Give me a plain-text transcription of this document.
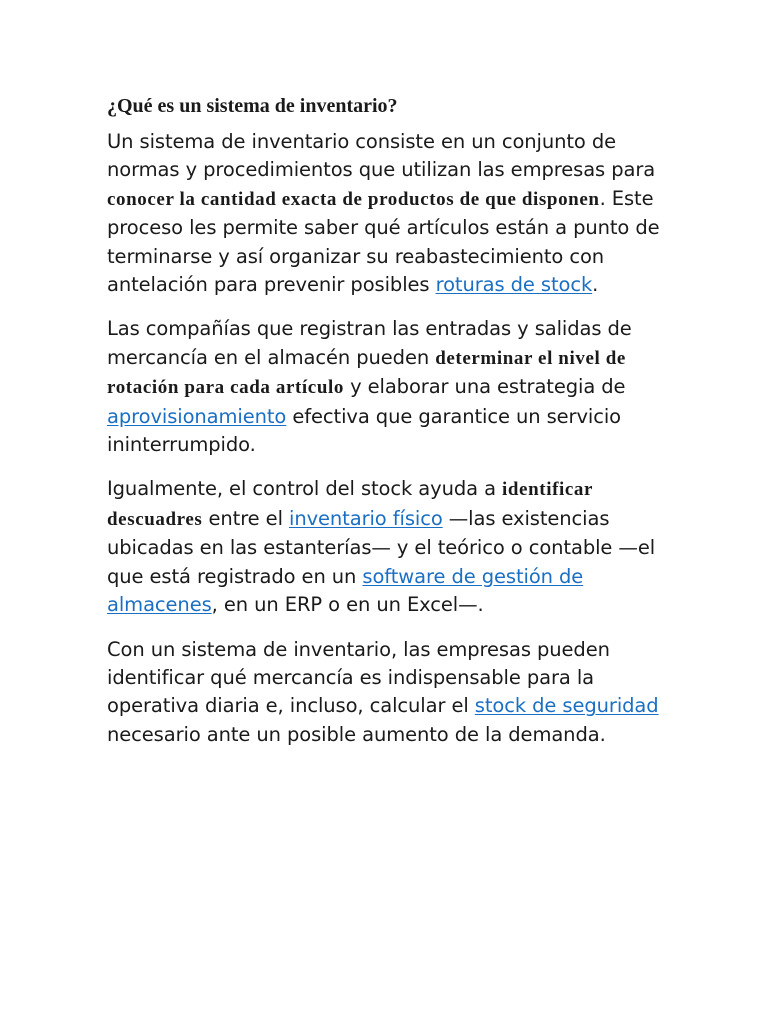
¿Qué es un sistema de inventario?

Un sistema de inventario consiste en un conjunto de normas y procedimientos que utilizan las empresas para conocer la cantidad exacta de productos de que disponen. Este proceso les permite saber qué artículos están a punto de terminarse y así organizar su reabastecimiento con antelación para prevenir posibles roturas de stock.

Las compañías que registran las entradas y salidas de mercancía en el almacén pueden determinar el nivel de rotación para cada artículo y elaborar una estrategia de aprovisionamiento efectiva que garantice un servicio ininterrumpido.

Igualmente, el control del stock ayuda a identificar descuadres entre el inventario físico —las existencias ubicadas en las estanterías— y el teórico o contable —el que está registrado en un software de gestión de almacenes, en un ERP o en un Excel—.

Con un sistema de inventario, las empresas pueden identificar qué mercancía es indispensable para la operativa diaria e, incluso, calcular el stock de seguridad necesario ante un posible aumento de la demanda.
